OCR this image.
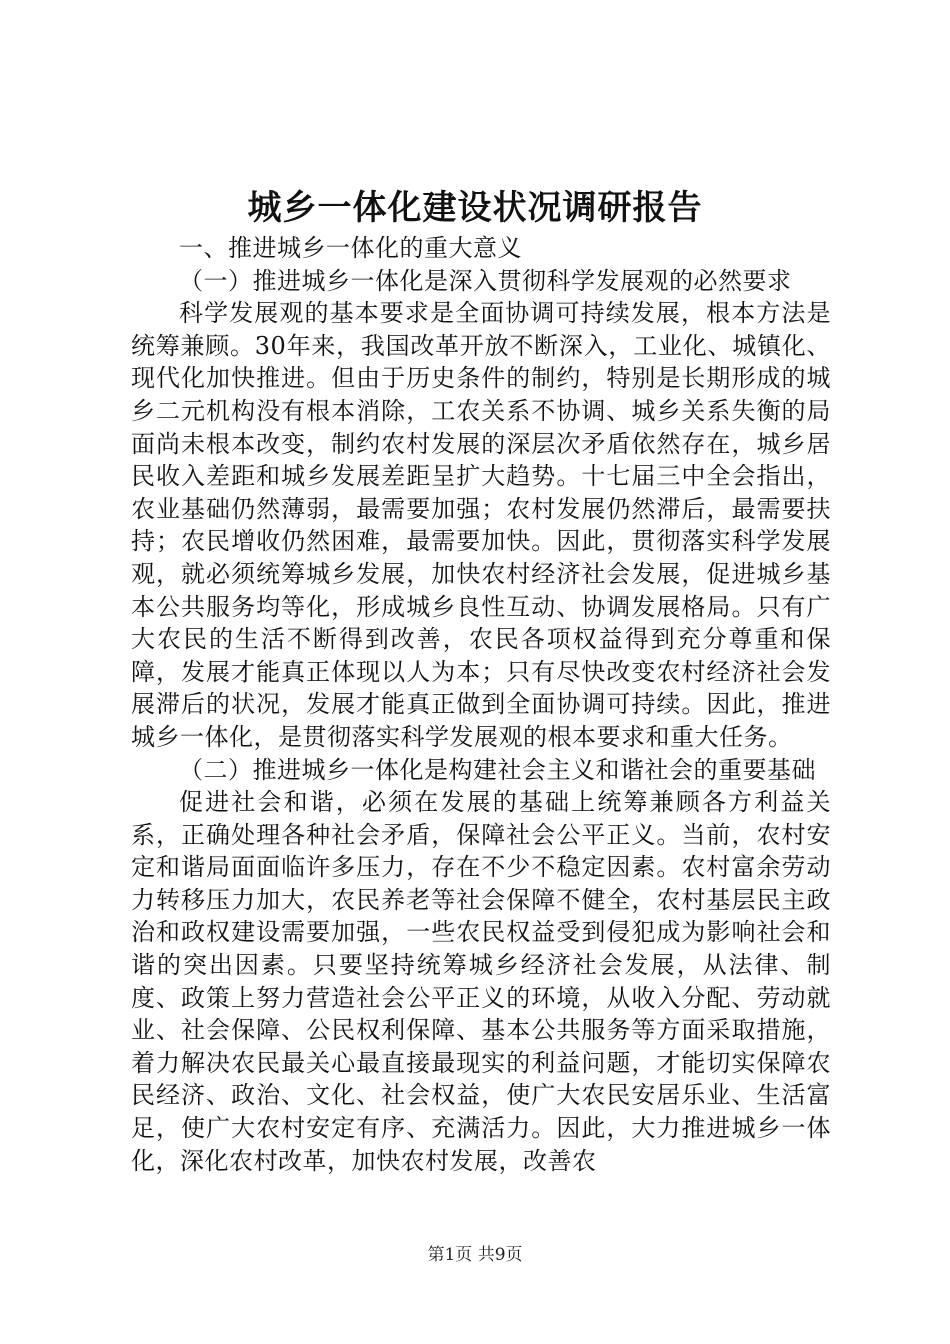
城乡一体化建设状况调研报告

一、推进城乡一体化的重大意义

（一）推进城乡一体化是深入贯彻科学发展观的必然要求

科学发展观的基本要求是全面协调可持续发展，根本方法是统筹兼顾。30年来，我国改革开放不断深入，工业化、城镇化、现代化加快推进。但由于历史条件的制约，特别是长期形成的城乡二元机构没有根本消除，工农关系不协调、城乡关系失衡的局面尚未根本改变，制约农村发展的深层次矛盾依然存在，城乡居民收入差距和城乡发展差距呈扩大趋势。十七届三中全会指出，农业基础仍然薄弱，最需要加强；农村发展仍然滞后，最需要扶持；农民增收仍然困难，最需要加快。因此，贯彻落实科学发展观，就必须统筹城乡发展，加快农村经济社会发展，促进城乡基本公共服务均等化，形成城乡良性互动、协调发展格局。只有广大农民的生活不断得到改善，农民各项权益得到充分尊重和保障，发展才能真正体现以人为本；只有尽快改变农村经济社会发展滞后的状况，发展才能真正做到全面协调可持续。因此，推进城乡一体化，是贯彻落实科学发展观的根本要求和重大任务。

（二）推进城乡一体化是构建社会主义和谐社会的重要基础

促进社会和谐，必须在发展的基础上统筹兼顾各方利益关系，正确处理各种社会矛盾，保障社会公平正义。当前，农村安定和谐局面面临许多压力，存在不少不稳定因素。农村富余劳动力转移压力加大，农民养老等社会保障不健全，农村基层民主政治和政权建设需要加强，一些农民权益受到侵犯成为影响社会和谐的突出因素。只要坚持统筹城乡经济社会发展，从法律、制度、政策上努力营造社会公平正义的环境，从收入分配、劳动就业、社会保障、公民权利保障、基本公共服务等方面采取措施，着力解决农民最关心最直接最现实的利益问题，才能切实保障农民经济、政治、文化、社会权益，使广大农民安居乐业、生活富足，使广大农村安定有序、充满活力。因此，大力推进城乡一体化，深化农村改革，加快农村发展，改善农

第1页 共9页
